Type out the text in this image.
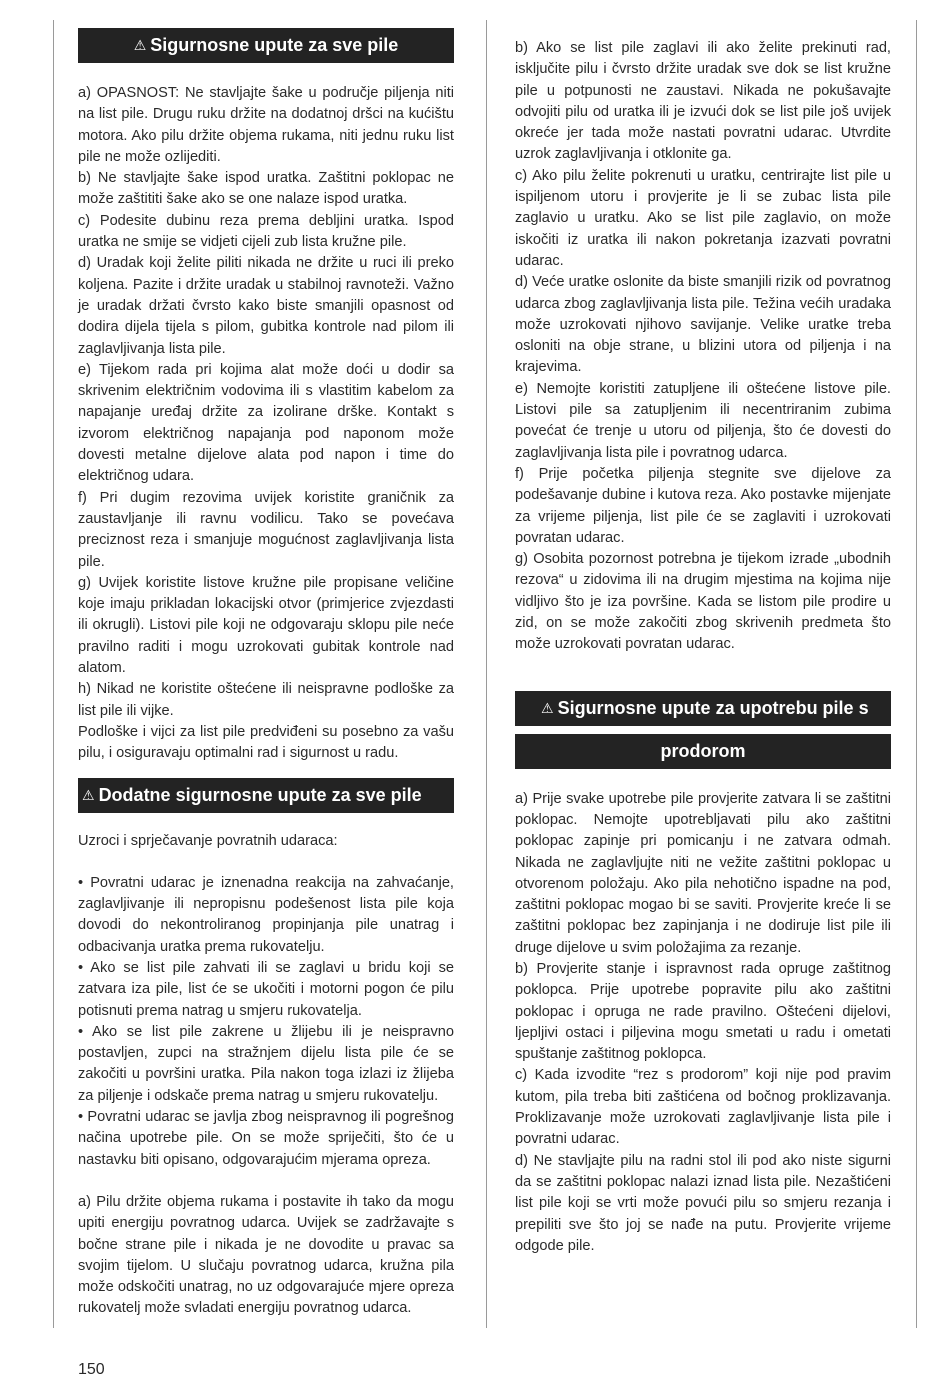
⚠ Sigurnosne upute za sve pile

a) OPASNOST: Ne stavljajte šake u područje piljenja niti na list pile. Drugu ruku držite na dodatnoj dršci na kućištu motora. Ako pilu držite objema rukama, niti jednu ruku list pile ne može ozlijediti.

b) Ne stavljajte šake ispod uratka. Zaštitni poklopac ne može zaštititi šake ako se one nalaze ispod uratka.

c) Podesite dubinu reza prema debljini uratka. Ispod uratka ne smije se vidjeti cijeli zub lista kružne pile.

d) Uradak koji želite piliti nikada ne držite u ruci ili preko koljena. Pazite i držite uradak u stabilnoj ravnoteži. Važno je uradak držati čvrsto kako biste smanjili opasnost od dodira dijela tijela s pilom, gubitka kontrole nad pilom ili zaglavljivanja lista pile.

e) Tijekom rada pri kojima alat može doći u dodir sa skrivenim električnim vodovima ili s vlastitim kabelom za napajanje uređaj držite za izolirane drške. Kontakt s izvorom električnog napajanja pod naponom može dovesti metalne dijelove alata pod napon i time do električnog udara.

f) Pri dugim rezovima uvijek koristite graničnik za zaustavljanje ili ravnu vodilicu. Tako se povećava preciznost reza i smanjuje mogućnost zaglavljivanja lista pile.

g) Uvijek koristite listove kružne pile propisane veličine koje imaju prikladan lokacijski otvor (primjerice zvjezdasti ili okrugli). Listovi pile koji ne odgovaraju sklopu pile neće pravilno raditi i mogu uzrokovati gubitak kontrole nad alatom.

h) Nikad ne koristite oštećene ili neispravne podloške za list pile ili vijke.

Podloške i vijci za list pile predviđeni su posebno za vašu pilu, i osiguravaju optimalni rad i sigurnost u radu.

⚠ Dodatne sigurnosne upute za sve pile

Uzroci i sprječavanje povratnih udaraca:

• Povratni udarac je iznenadna reakcija na zahvaćanje, zaglavljivanje ili nepropisnu podešenost lista pile koja dovodi do nekontroliranog propinjanja pile unatrag i odbacivanja uratka prema rukovatelju.

• Ako se list pile zahvati ili se zaglavi u bridu koji se zatvara iza pile, list će se ukočiti i motorni pogon će pilu potisnuti prema natrag u smjeru rukovatelja.

• Ako se list pile zakrene u žlijebu ili je neispravno postavljen, zupci na stražnjem dijelu lista pile će se zakočiti u površini uratka. Pila nakon toga izlazi iz žlijeba za piljenje i odskače prema natrag u smjeru rukovatelju.

• Povratni udarac se javlja zbog neispravnog ili pogrešnog načina upotrebe pile. On se može spriječiti, što će u nastavku biti opisano, odgovarajućim mjerama opreza.

a) Pilu držite objema rukama i postavite ih tako da mogu upiti energiju povratnog udarca. Uvijek se zadržavajte s bočne strane pile i nikada je ne dovodite u pravac sa svojim tijelom. U slučaju povratnog udarca, kružna pila može odskočiti unatrag, no uz odgovarajuće mjere opreza rukovatelj može svladati energiju povratnog udarca.

b) Ako se list pile zaglavi ili ako želite prekinuti rad, isključite pilu i čvrsto držite uradak sve dok se list kružne pile u potpunosti ne zaustavi. Nikada ne pokušavajte odvojiti pilu od uratka ili je izvući dok se list pile još uvijek okreće jer tada može nastati povratni udarac. Utvrdite uzrok zaglavljivanja i otklonite ga.

c) Ako pilu želite pokrenuti u uratku, centrirajte list pile u ispiljenom utoru i provjerite je li se zubac lista pile zaglavio u uratku. Ako se list pile zaglavio, on može iskočiti iz uratka ili nakon pokretanja izazvati povratni udarac.

d) Veće uratke oslonite da biste smanjili rizik od povratnog udarca zbog zaglavljivanja lista pile. Težina većih uradaka može uzrokovati njihovo savijanje. Velike uratke treba osloniti na obje strane, u blizini utora od piljenja i na krajevima.

e) Nemojte koristiti zatupljene ili oštećene listove pile. Listovi pile sa zatupljenim ili necentriranim zubima povećat će trenje u utoru od piljenja, što će dovesti do zaglavljivanja lista pile i povratnog udarca.

f) Prije početka piljenja stegnite sve dijelove za podešavanje dubine i kutova reza. Ako postavke mijenjate za vrijeme piljenja, list pile će se zaglaviti i uzrokovati povratan udarac.

g) Osobita pozornost potrebna je tijekom izrade „ubodnih rezova“ u zidovima ili na drugim mjestima na kojima nije vidljivo što je iza površine. Kada se listom pile prodire u zid, on se može zakočiti zbog skrivenih predmeta što može uzrokovati povratan udarac.

⚠ Sigurnosne upute za upotrebu pile s
prodorom

a) Prije svake upotrebe pile provjerite zatvara li se zaštitni poklopac. Nemojte upotrebljavati pilu ako zaštitni poklopac zapinje pri pomicanju i ne zatvara odmah. Nikada ne zaglavljujte niti ne vežite zaštitni poklopac u otvorenom položaju. Ako pila nehotično ispadne na pod, zaštitni poklopac mogao bi se saviti. Provjerite kreće li se zaštitni poklopac bez zapinjanja i ne dodiruje list pile ili druge dijelove u svim položajima za rezanje.

b) Provjerite stanje i ispravnost rada opruge zaštitnog poklopca. Prije upotrebe popravite pilu ako zaštitni poklopac i opruga ne rade pravilno. Oštećeni dijelovi, ljepljivi ostaci i piljevina mogu smetati u radu i ometati spuštanje zaštitnog poklopca.

c) Kada izvodite “rez s prodorom” koji nije pod pravim kutom, pila treba biti zaštićena od bočnog proklizavanja. Proklizavanje može uzrokovati zaglavljivanje lista pile i povratni udarac.

d) Ne stavljajte pilu na radni stol ili pod ako niste sigurni da se zaštitni poklopac nalazi iznad lista pile. Nezaštićeni list pile koji se vrti može povući pilu so smjeru rezanja i prepiliti sve što joj se nađe na putu. Provjerite vrijeme odgode pile.

150
